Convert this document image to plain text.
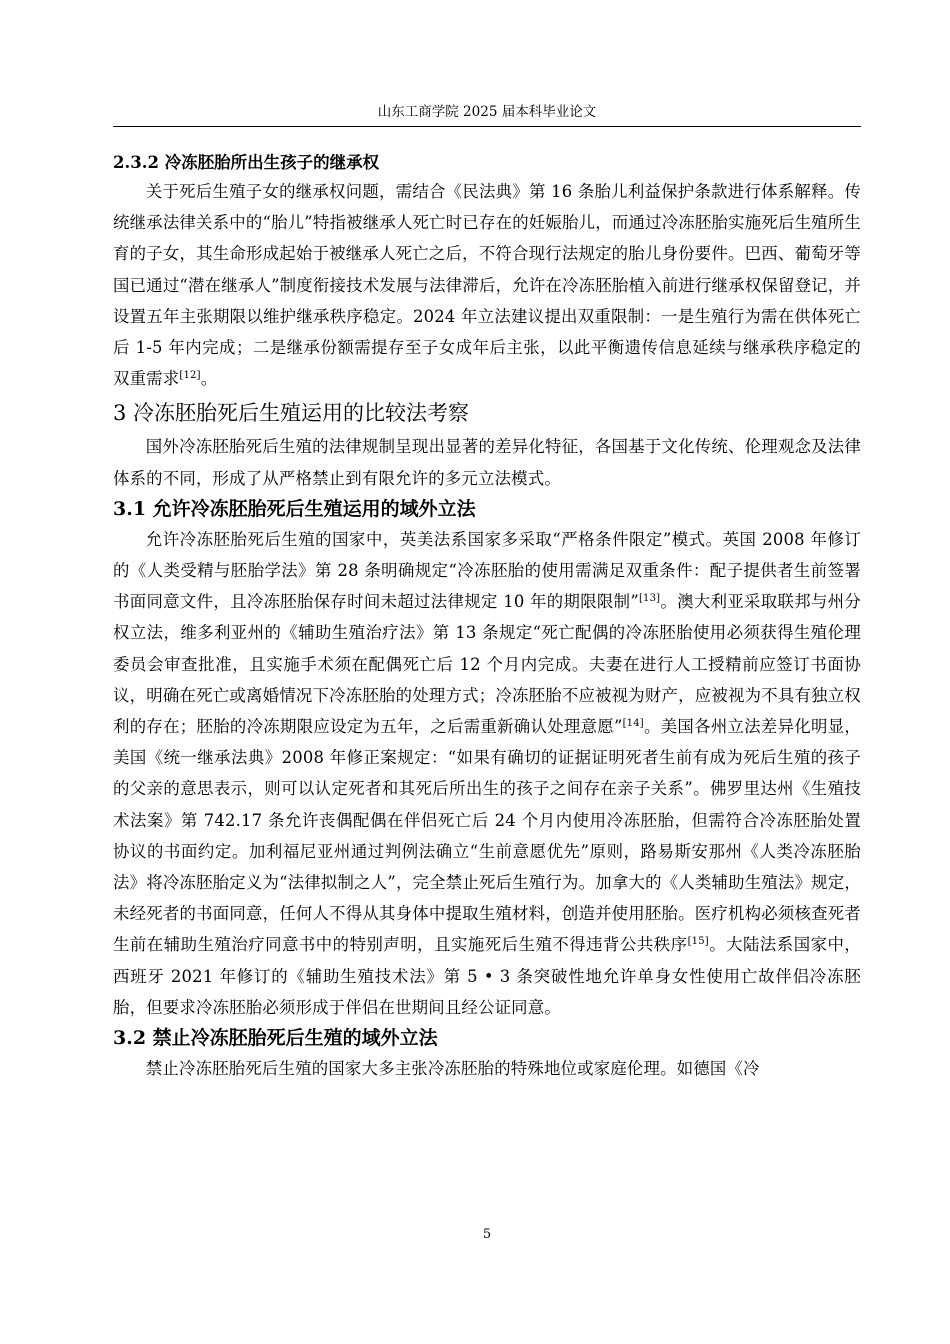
山东工商学院 2025 届本科毕业论文
2.3.2 冷冻胚胎所出生孩子的继承权

关于死后生殖子女的继承权问题，需结合《民法典》第 16 条胎儿利益保护条款进行体系解释。传统继承法律关系中的“胎儿”特指被继承人死亡时已存在的妊娠胎儿，而通过冷冻胚胎实施死后生殖所生育的子女，其生命形成起始于被继承人死亡之后，不符合现行法规定的胎儿身份要件。巴西、葡萄牙等国已通过“潜在继承人”制度衔接技术发展与法律滞后，允许在冷冻胚胎植入前进行继承权保留登记，并设置五年主张期限以维护继承秩序稳定。2024 年立法建议提出双重限制：一是生殖行为需在供体死亡后 1-5 年内完成；二是继承份额需提存至子女成年后主张，以此平衡遗传信息延续与继承秩序稳定的双重需求[12]。

3 冷冻胚胎死后生殖运用的比较法考察

国外冷冻胚胎死后生殖的法律规制呈现出显著的差异化特征，各国基于文化传统、伦理观念及法律体系的不同，形成了从严格禁止到有限允许的多元立法模式。

3.1 允许冷冻胚胎死后生殖运用的域外立法

允许冷冻胚胎死后生殖的国家中，英美法系国家多采取“严格条件限定”模式。英国 2008 年修订的《人类受精与胚胎学法》第 28 条明确规定“冷冻胚胎的使用需满足双重条件：配子提供者生前签署书面同意文件，且冷冻胚胎保存时间未超过法律规定 10 年的期限限制”[13]。澳大利亚采取联邦与州分权立法，维多利亚州的《辅助生殖治疗法》第 13 条规定“死亡配偶的冷冻胚胎使用必须获得生殖伦理委员会审查批准，且实施手术须在配偶死亡后 12 个月内完成。夫妻在进行人工授精前应签订书面协议，明确在死亡或离婚情况下冷冻胚胎的处理方式；冷冻胚胎不应被视为财产，应被视为不具有独立权利的存在；胚胎的冷冻期限应设定为五年，之后需重新确认处理意愿”[14]。美国各州立法差异化明显，美国《统一继承法典》2008 年修正案规定：“如果有确切的证据证明死者生前有成为死后生殖的孩子的父亲的意思表示，则可以认定死者和其死后所出生的孩子之间存在亲子关系”。佛罗里达州《生殖技术法案》第 742.17 条允许丧偶配偶在伴侣死亡后 24 个月内使用冷冻胚胎，但需符合冷冻胚胎处置协议的书面约定。加利福尼亚州通过判例法确立“生前意愿优先”原则，路易斯安那州《人类冷冻胚胎法》将冷冻胚胎定义为“法律拟制之人”，完全禁止死后生殖行为。加拿大的《人类辅助生殖法》规定，未经死者的书面同意，任何人不得从其身体中提取生殖材料，创造并使用胚胎。医疗机构必须核查死者生前在辅助生殖治疗同意书中的特别声明，且实施死后生殖不得违背公共秩序[15]。大陆法系国家中，西班牙 2021 年修订的《辅助生殖技术法》第 5 • 3 条突破性地允许单身女性使用亡故伴侣冷冻胚胎，但要求冷冻胚胎必须形成于伴侣在世期间且经公证同意。

3.2 禁止冷冻胚胎死后生殖的域外立法

禁止冷冻胚胎死后生殖的国家大多主张冷冻胚胎的特殊地位或家庭伦理。如德国《冷

5
